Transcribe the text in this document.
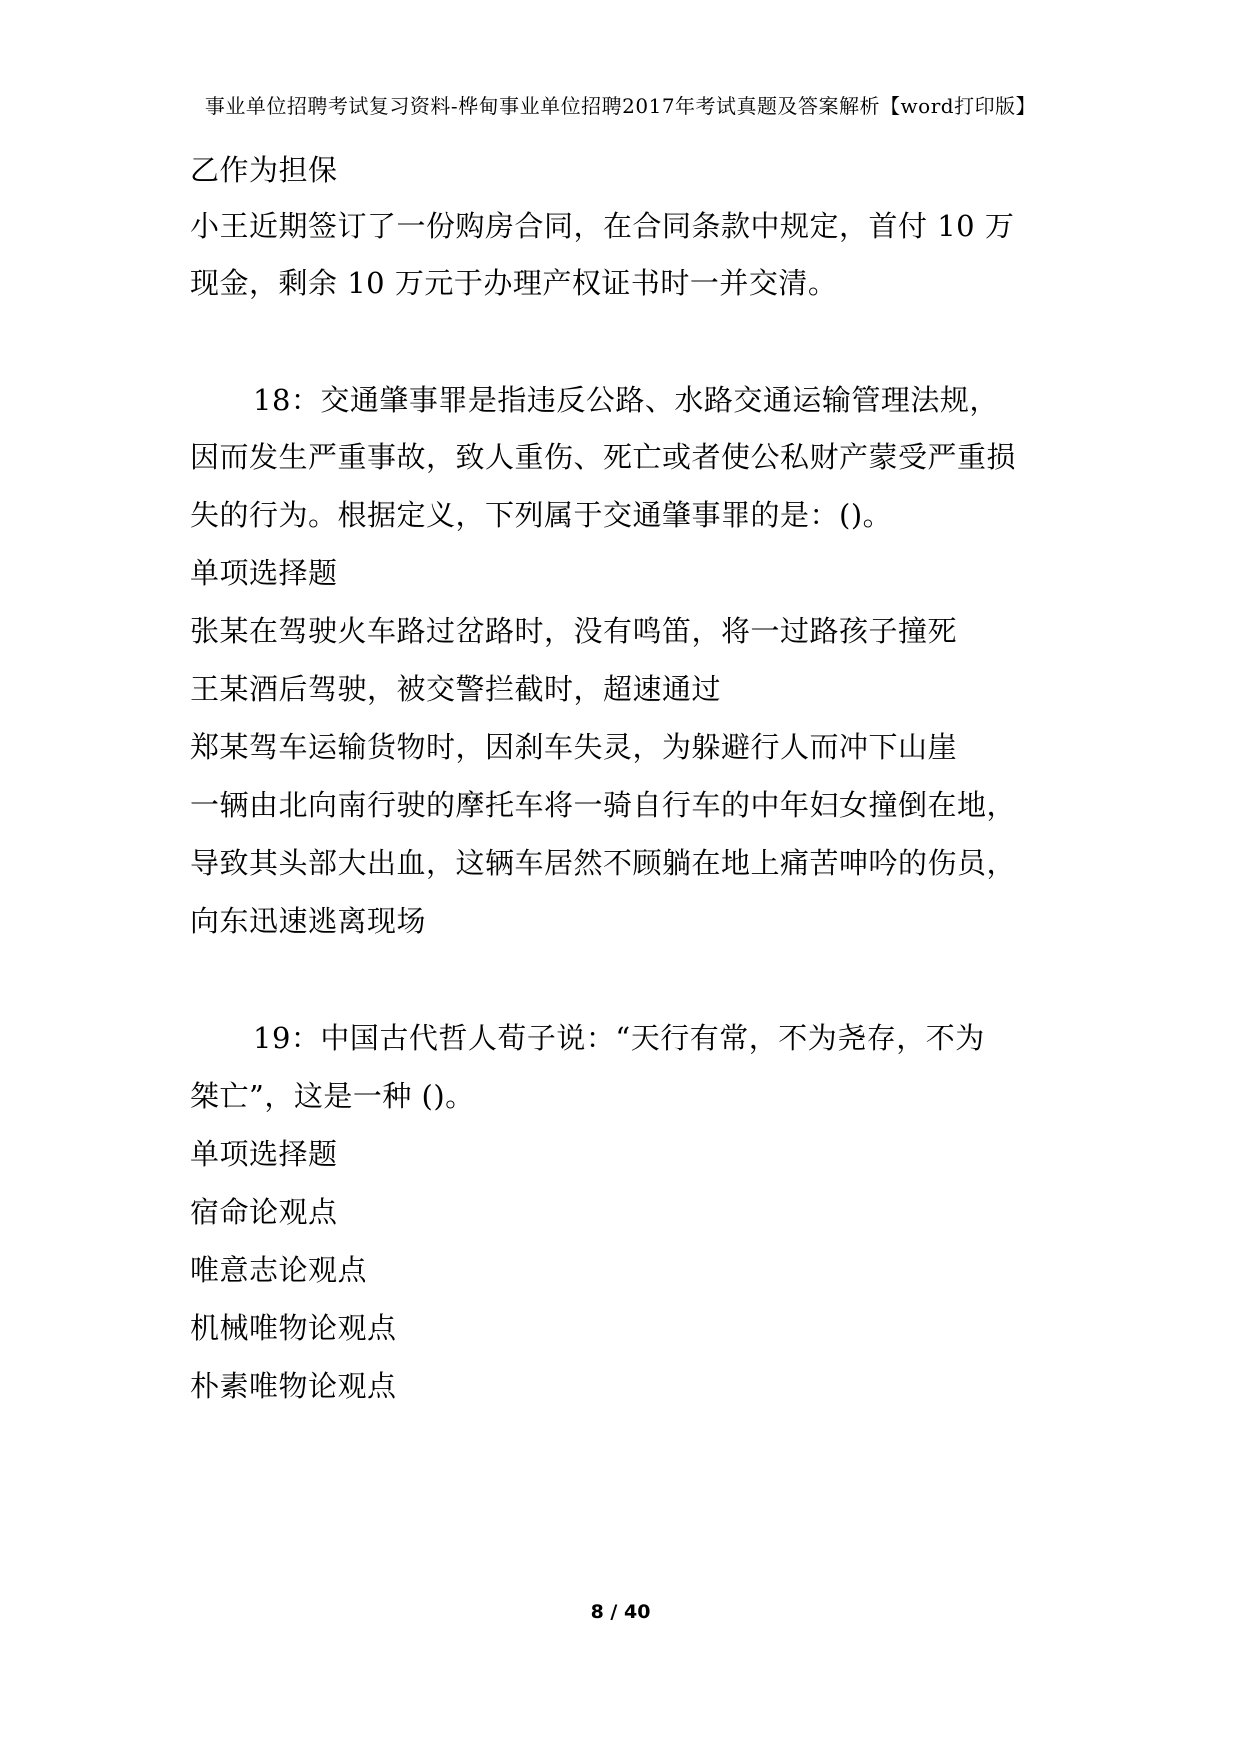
事业单位招聘考试复习资料-桦甸事业单位招聘2017年考试真题及答案解析【word打印版】
乙作为担保
小王近期签订了一份购房合同，在合同条款中规定，首付 10 万
现金，剩余 10 万元于办理产权证书时一并交清。
18：交通肇事罪是指违反公路、水路交通运输管理法规，
因而发生严重事故，致人重伤、死亡或者使公私财产蒙受严重损
失的行为。根据定义，下列属于交通肇事罪的是：()。
单项选择题
张某在驾驶火车路过岔路时，没有鸣笛，将一过路孩子撞死
王某酒后驾驶，被交警拦截时，超速通过
郑某驾车运输货物时，因刹车失灵，为躲避行人而冲下山崖
一辆由北向南行驶的摩托车将一骑自行车的中年妇女撞倒在地，
导致其头部大出血，这辆车居然不顾躺在地上痛苦呻吟的伤员，
向东迅速逃离现场
19：中国古代哲人荀子说：“天行有常，不为尧存，不为
桀亡”，这是一种 ()。
单项选择题
宿命论观点
唯意志论观点
机械唯物论观点
朴素唯物论观点
8 / 40
